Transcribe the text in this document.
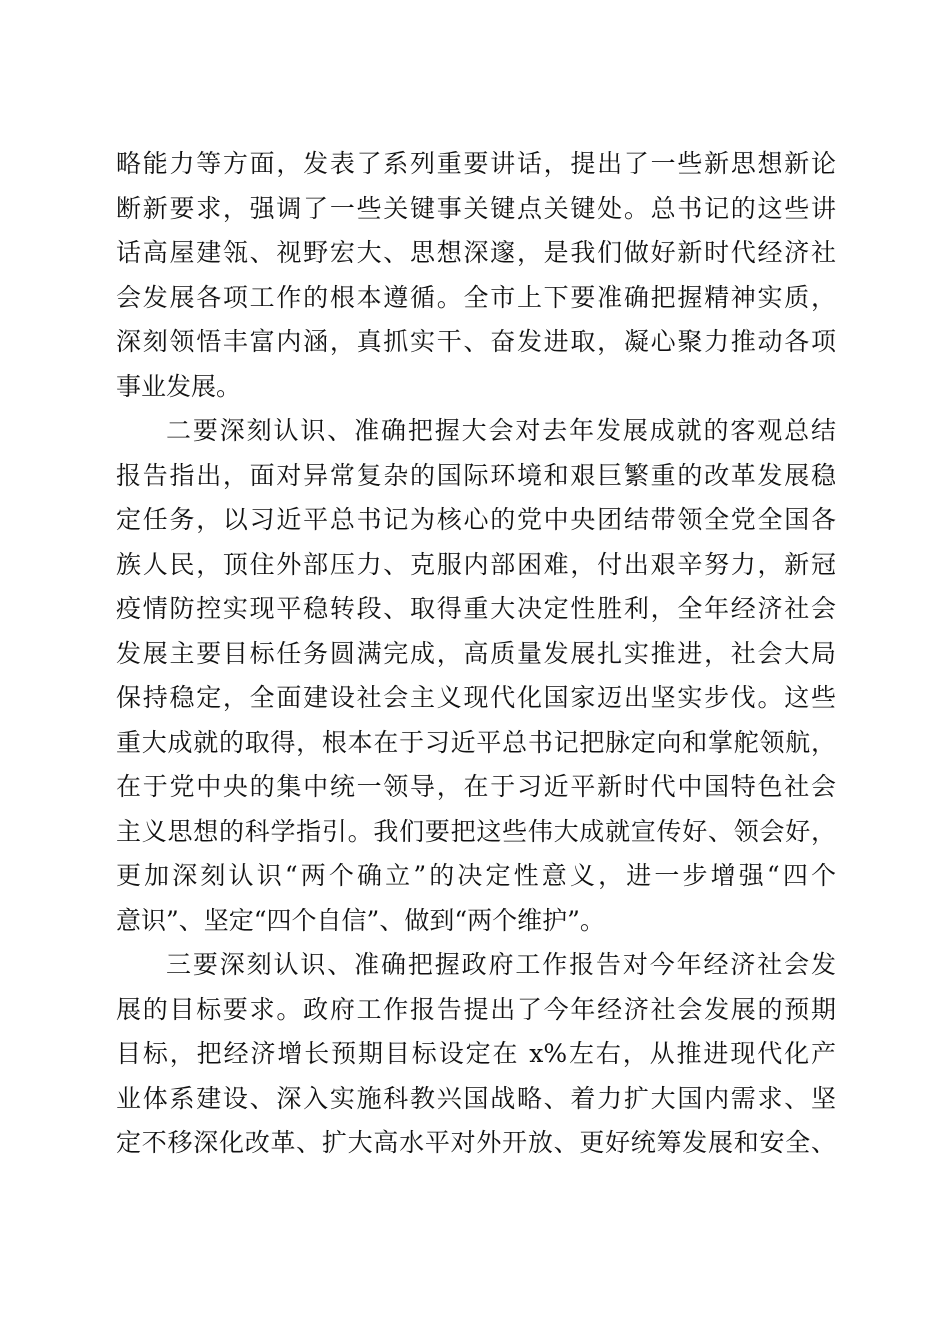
略能力等方面，发表了系列重要讲话，提出了一些新思想新论
断新要求，强调了一些关键事关键点关键处。总书记的这些讲
话高屋建瓴、视野宏大、思想深邃，是我们做好新时代经济社
会发展各项工作的根本遵循。全市上下要准确把握精神实质，
深刻领悟丰富内涵，真抓实干、奋发进取，凝心聚力推动各项
事业发展。
二要深刻认识、准确把握大会对去年发展成就的客观总结
报告指出，面对异常复杂的国际环境和艰巨繁重的改革发展稳
定任务，以习近平总书记为核心的党中央团结带领全党全国各
族人民，顶住外部压力、克服内部困难，付出艰辛努力，新冠
疫情防控实现平稳转段、取得重大决定性胜利，全年经济社会
发展主要目标任务圆满完成，高质量发展扎实推进，社会大局
保持稳定，全面建设社会主义现代化国家迈出坚实步伐。这些
重大成就的取得，根本在于习近平总书记把脉定向和掌舵领航，
在于党中央的集中统一领导，在于习近平新时代中国特色社会
主义思想的科学指引。我们要把这些伟大成就宣传好、领会好，
更加深刻认识“两个确立”的决定性意义，进一步增强“四个
意识”、坚定“四个自信”、做到“两个维护”。
三要深刻认识、准确把握政府工作报告对今年经济社会发
展的目标要求。政府工作报告提出了今年经济社会发展的预期
目标，把经济增长预期目标设定在 x%左右，从推进现代化产
业体系建设、深入实施科教兴国战略、着力扩大国内需求、坚
定不移深化改革、扩大高水平对外开放、更好统筹发展和安全、
